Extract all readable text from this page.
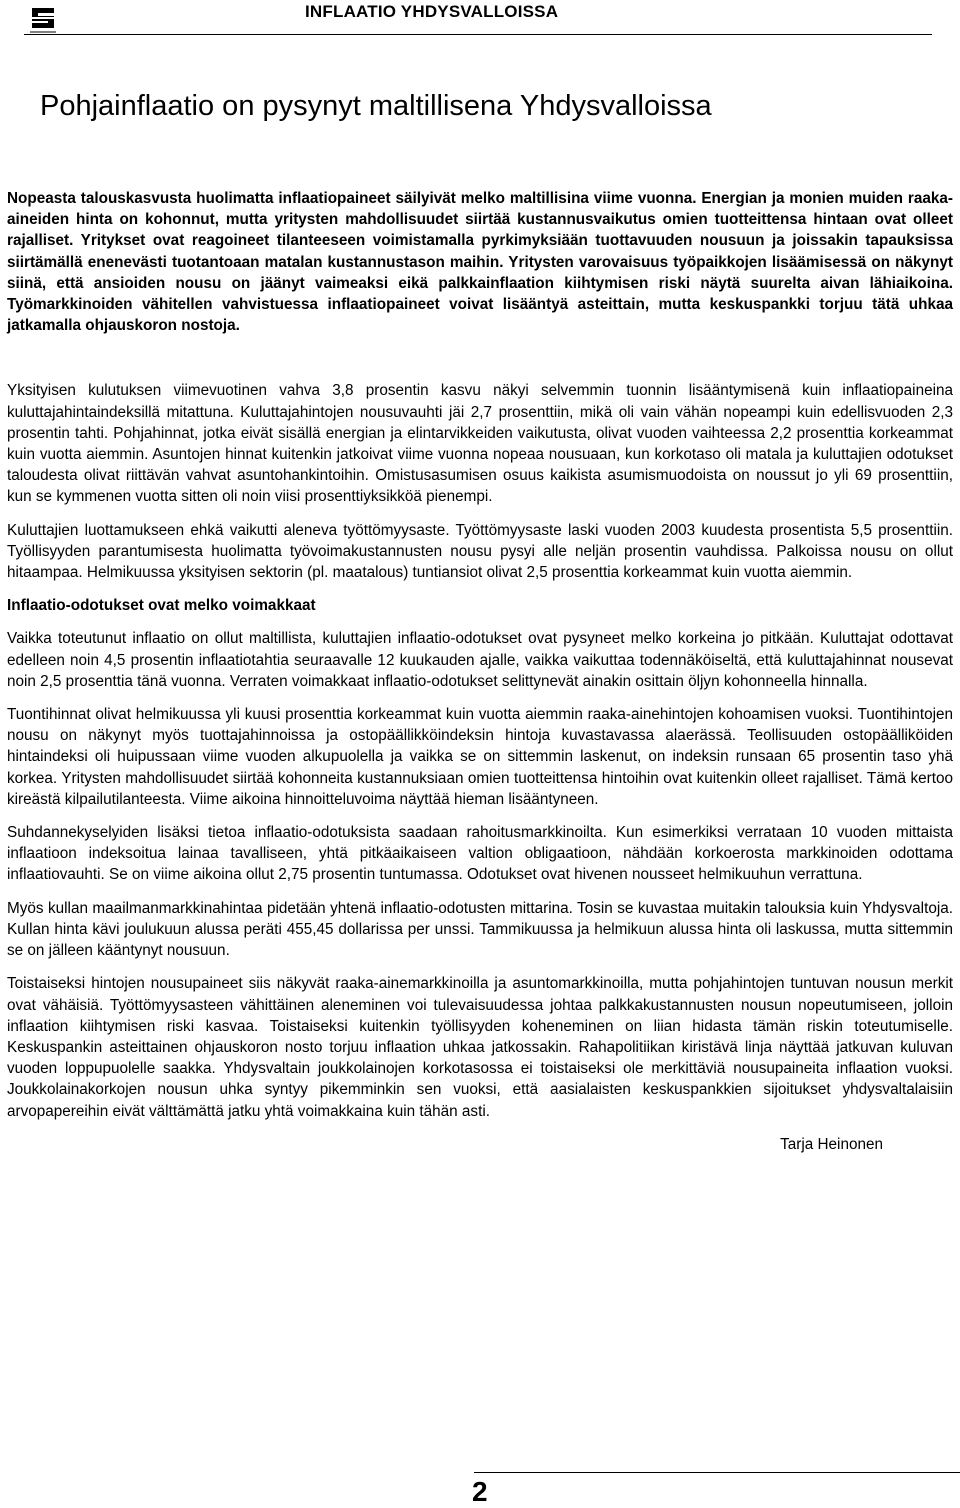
INFLAATIO YHDYSVALLOISSA
Pohjainflaatio on pysynyt maltillisena Yhdysvalloissa

Nopeasta talouskasvusta huolimatta inflaatiopaineet säilyivät melko maltillisina viime vuonna. Energian ja monien muiden raaka-aineiden hinta on kohonnut, mutta yritysten mahdollisuudet siirtää kustannusvaikutus omien tuotteittensa hintaan ovat olleet rajalliset. Yritykset ovat reagoineet tilanteeseen voimistamalla pyrkimyksiään tuottavuuden nousuun ja joissakin tapauksissa siirtämällä enenevästi tuotantoaan matalan kustannustason maihin. Yritysten varovaisuus työpaikkojen lisäämisessä on näkynyt siinä, että ansioiden nousu on jäänyt vaimeaksi eikä palkkainflaation kiihtymisen riski näytä suurelta aivan lähiaikoina. Työmarkkinoiden vähitellen vahvistuessa inflaatiopaineet voivat lisääntyä asteittain, mutta keskuspankki torjuu tätä uhkaa jatkamalla ohjauskoron nostoja.

Yksityisen kulutuksen viimevuotinen vahva 3,8 prosentin kasvu näkyi selvemmin tuonnin lisääntymisenä kuin inflaatiopaineina kuluttajahintaindeksillä mitattuna. Kuluttajahintojen nousuvauhti jäi 2,7 prosenttiin, mikä oli vain vähän nopeampi kuin edellisvuoden 2,3 prosentin tahti. Pohjahinnat, jotka eivät sisällä energian ja elintarvikkeiden vaikutusta, olivat vuoden vaihteessa 2,2 prosenttia korkeammat kuin vuotta aiemmin. Asuntojen hinnat kuitenkin jatkoivat viime vuonna nopeaa nousuaan, kun korkotaso oli matala ja kuluttajien odotukset taloudesta olivat riittävän vahvat asuntohankintoihin. Omistusasumisen osuus kaikista asumismuodoista on noussut jo yli 69 prosenttiin, kun se kymmenen vuotta sitten oli noin viisi prosenttiyksikköä pienempi.

Kuluttajien luottamukseen ehkä vaikutti aleneva työttömyysaste. Työttömyysaste laski vuoden 2003 kuudesta prosentista 5,5 prosenttiin. Työllisyyden parantumisesta huolimatta työvoimakustannusten nousu pysyi alle neljän prosentin vauhdissa. Palkoissa nousu on ollut hitaampaa. Helmikuussa yksityisen sektorin (pl. maatalous) tuntiansiot olivat 2,5 prosenttia korkeammat kuin vuotta aiemmin.

Inflaatio-odotukset ovat melko voimakkaat

Vaikka toteutunut inflaatio on ollut maltillista, kuluttajien inflaatio-odotukset ovat pysyneet melko korkeina jo pitkään. Kuluttajat odottavat edelleen noin 4,5 prosentin inflaatiotahtia seuraavalle 12 kuukauden ajalle, vaikka vaikuttaa todennäköiseltä, että kuluttajahinnat nousevat noin 2,5 prosenttia tänä vuonna. Verraten voimakkaat inflaatio-odotukset selittynevät ainakin osittain öljyn kohonneella hinnalla.

Tuontihinnat olivat helmikuussa yli kuusi prosenttia korkeammat kuin vuotta aiemmin raaka-ainehintojen kohoamisen vuoksi. Tuontihintojen nousu on näkynyt myös tuottajahinnoissa ja ostopäällikköindeksin hintoja kuvastavassa alaerässä. Teollisuuden ostopäälliköiden hintaindeksi oli huipussaan viime vuoden alkupuolella ja vaikka se on sittemmin laskenut, on indeksin runsaan 65 prosentin taso yhä korkea. Yritysten mahdollisuudet siirtää kohonneita kustannuksiaan omien tuotteittensa hintoihin ovat kuitenkin olleet rajalliset. Tämä kertoo kireästä kilpailutilanteesta. Viime aikoina hinnoitteluvoima näyttää hieman lisääntyneen.

Suhdannekyselyiden lisäksi tietoa inflaatio-odotuksista saadaan rahoitusmarkkinoilta. Kun esimerkiksi verrataan 10 vuoden mittaista inflaatioon indeksoitua lainaa tavalliseen, yhtä pitkäaikaiseen valtion obligaatioon, nähdään korkoerosta markkinoiden odottama inflaatiovauhti. Se on viime aikoina ollut 2,75 prosentin tuntumassa. Odotukset ovat hivenen nousseet helmikuuhun verrattuna.

Myös kullan maailmanmarkkinahintaa pidetään yhtenä inflaatio-odotusten mittarina. Tosin se kuvastaa muitakin talouksia kuin Yhdysvaltoja. Kullan hinta kävi joulukuun alussa peräti 455,45 dollarissa per unssi. Tammikuussa ja helmikuun alussa hinta oli laskussa, mutta sittemmin se on jälleen kääntynyt nousuun.

Toistaiseksi hintojen nousupaineet siis näkyvät raaka-ainemarkkinoilla ja asuntomarkkinoilla, mutta pohjahintojen tuntuvan nousun merkit ovat vähäisiä. Työttömyysasteen vähittäinen aleneminen voi tulevaisuudessa johtaa palkkakustannusten nousun nopeutumiseen, jolloin inflaation kiihtymisen riski kasvaa. Toistaiseksi kuitenkin työllisyyden koheneminen on liian hidasta tämän riskin toteutumiselle. Keskuspankin asteittainen ohjauskoron nosto torjuu inflaation uhkaa jatkossakin. Rahapolitiikan kiristävä linja näyttää jatkuvan kuluvan vuoden loppupuolelle saakka. Yhdysvaltain joukkolainojen korkotasossa ei toistaiseksi ole merkittäviä nousupaineita inflaation vuoksi. Joukkolainakorkojen nousun uhka syntyy pikemminkin sen vuoksi, että aasialaisten keskuspankkien sijoitukset yhdysvaltalaisiin arvopapereihin eivät välttämättä jatku yhtä voimakkaina kuin tähän asti.

Tarja Heinonen

2
